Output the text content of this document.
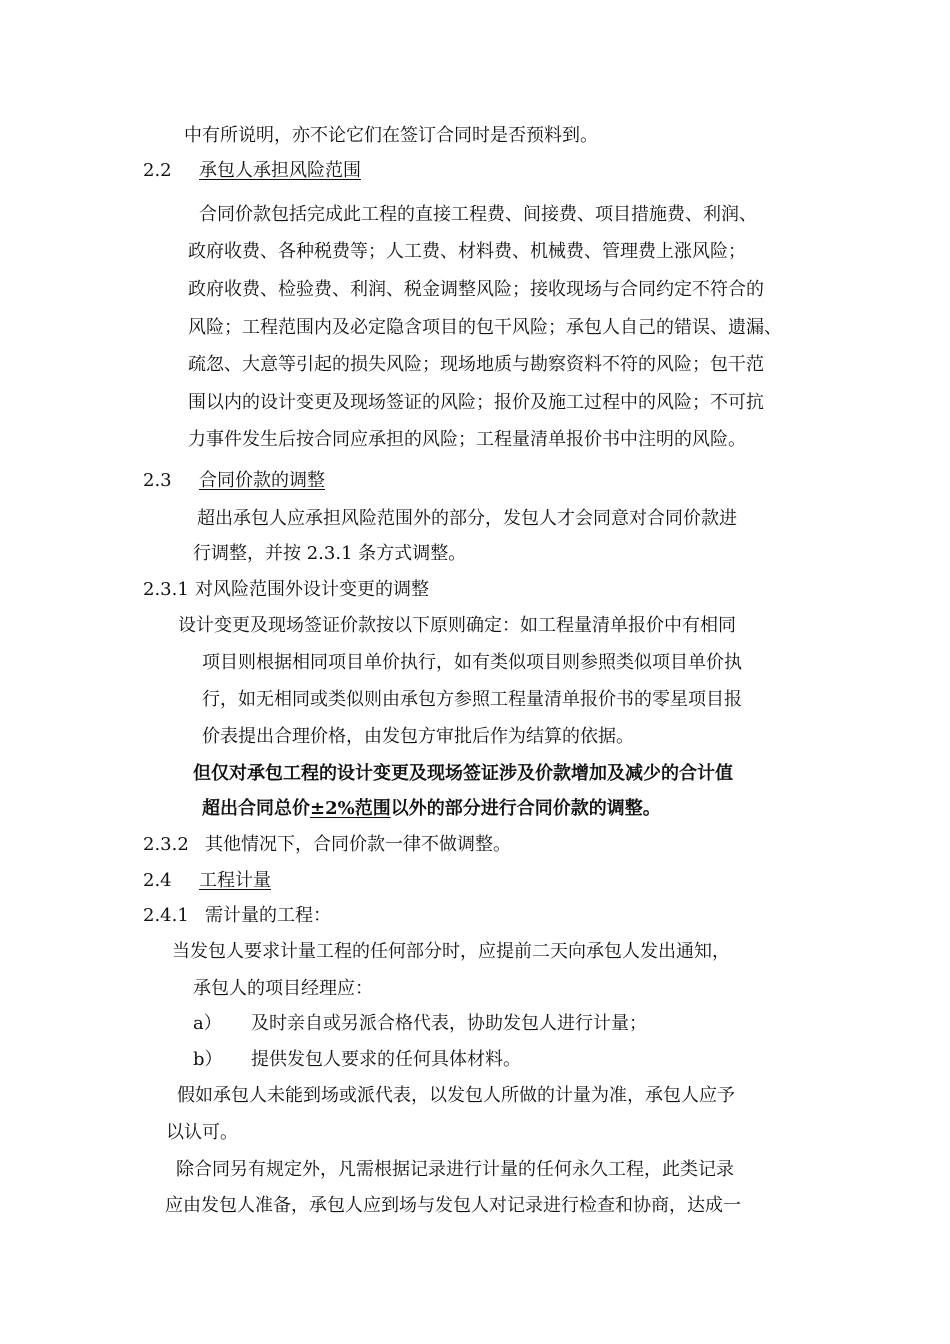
中有所说明，亦不论它们在签订合同时是否预料到。
2.2 承包人承担风险范围
合同价款包括完成此工程的直接工程费、间接费、项目措施费、利润、
政府收费、各种税费等；人工费、材料费、机械费、管理费上涨风险；
政府收费、检验费、利润、税金调整风险；接收现场与合同约定不符合的
风险；工程范围内及必定隐含项目的包干风险；承包人自己的错误、遗漏、
疏忽、大意等引起的损失风险；现场地质与勘察资料不符的风险；包干范
围以内的设计变更及现场签证的风险；报价及施工过程中的风险；不可抗
力事件发生后按合同应承担的风险；工程量清单报价书中注明的风险。
2.3 合同价款的调整
超出承包人应承担风险范围外的部分，发包人才会同意对合同价款进
行调整，并按 2.3.1 条方式调整。
2.3.1 对风险范围外设计变更的调整
设计变更及现场签证价款按以下原则确定：如工程量清单报价中有相同
项目则根据相同项目单价执行，如有类似项目则参照类似项目单价执
行，如无相同或类似则由承包方参照工程量清单报价书的零星项目报
价表提出合理价格，由发包方审批后作为结算的依据。
但仅对承包工程的设计变更及现场签证涉及价款增加及减少的合计值
超出合同总价±2%范围以外的部分进行合同价款的调整。
2.3.2 其他情况下，合同价款一律不做调整。
2.4 工程计量
2.4.1 需计量的工程：
当发包人要求计量工程的任何部分时，应提前二天向承包人发出通知，
承包人的项目经理应：
a） 及时亲自或另派合格代表，协助发包人进行计量；
b） 提供发包人要求的任何具体材料。
假如承包人未能到场或派代表，以发包人所做的计量为准，承包人应予
以认可。
除合同另有规定外，凡需根据记录进行计量的任何永久工程，此类记录
应由发包人准备，承包人应到场与发包人对记录进行检查和协商，达成一
